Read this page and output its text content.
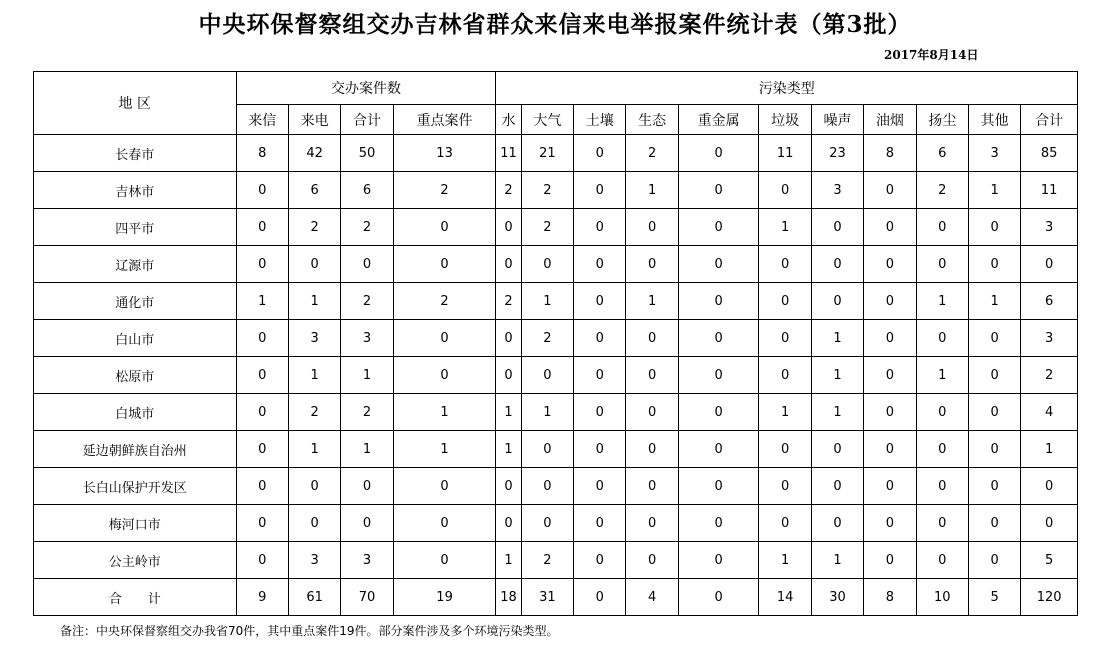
中央环保督察组交办吉林省群众来信来电举报案件统计表（第3批）
2017年8月14日
地 区	交办案件数				污染类型										
	来信	来电	合计	重点案件	水	大气	土壤	生态	重金属	垃圾	噪声	油烟	扬尘	其他	合计
长春市	8	42	50	13	11	21	0	2	0	11	23	8	6	3	85
吉林市	0	6	6	2	2	2	0	1	0	0	3	0	2	1	11
四平市	0	2	2	0	0	2	0	0	0	1	0	0	0	0	3
辽源市	0	0	0	0	0	0	0	0	0	0	0	0	0	0	0
通化市	1	1	2	2	2	1	0	1	0	0	0	0	1	1	6
白山市	0	3	3	0	0	2	0	0	0	0	1	0	0	0	3
松原市	0	1	1	0	0	0	0	0	0	0	1	0	1	0	2
白城市	0	2	2	1	1	1	0	0	0	1	1	0	0	0	4
延边朝鲜族自治州	0	1	1	1	1	0	0	0	0	0	0	0	0	0	1
长白山保护开发区	0	0	0	0	0	0	0	0	0	0	0	0	0	0	0
梅河口市	0	0	0	0	0	0	0	0	0	0	0	0	0	0	0
公主岭市	0	3	3	0	1	2	0	0	0	1	1	0	0	0	5
合　　计	9	61	70	19	18	31	0	4	0	14	30	8	10	5	120
备注：中央环保督察组交办我省70件，其中重点案件19件。部分案件涉及多个环境污染类型。
